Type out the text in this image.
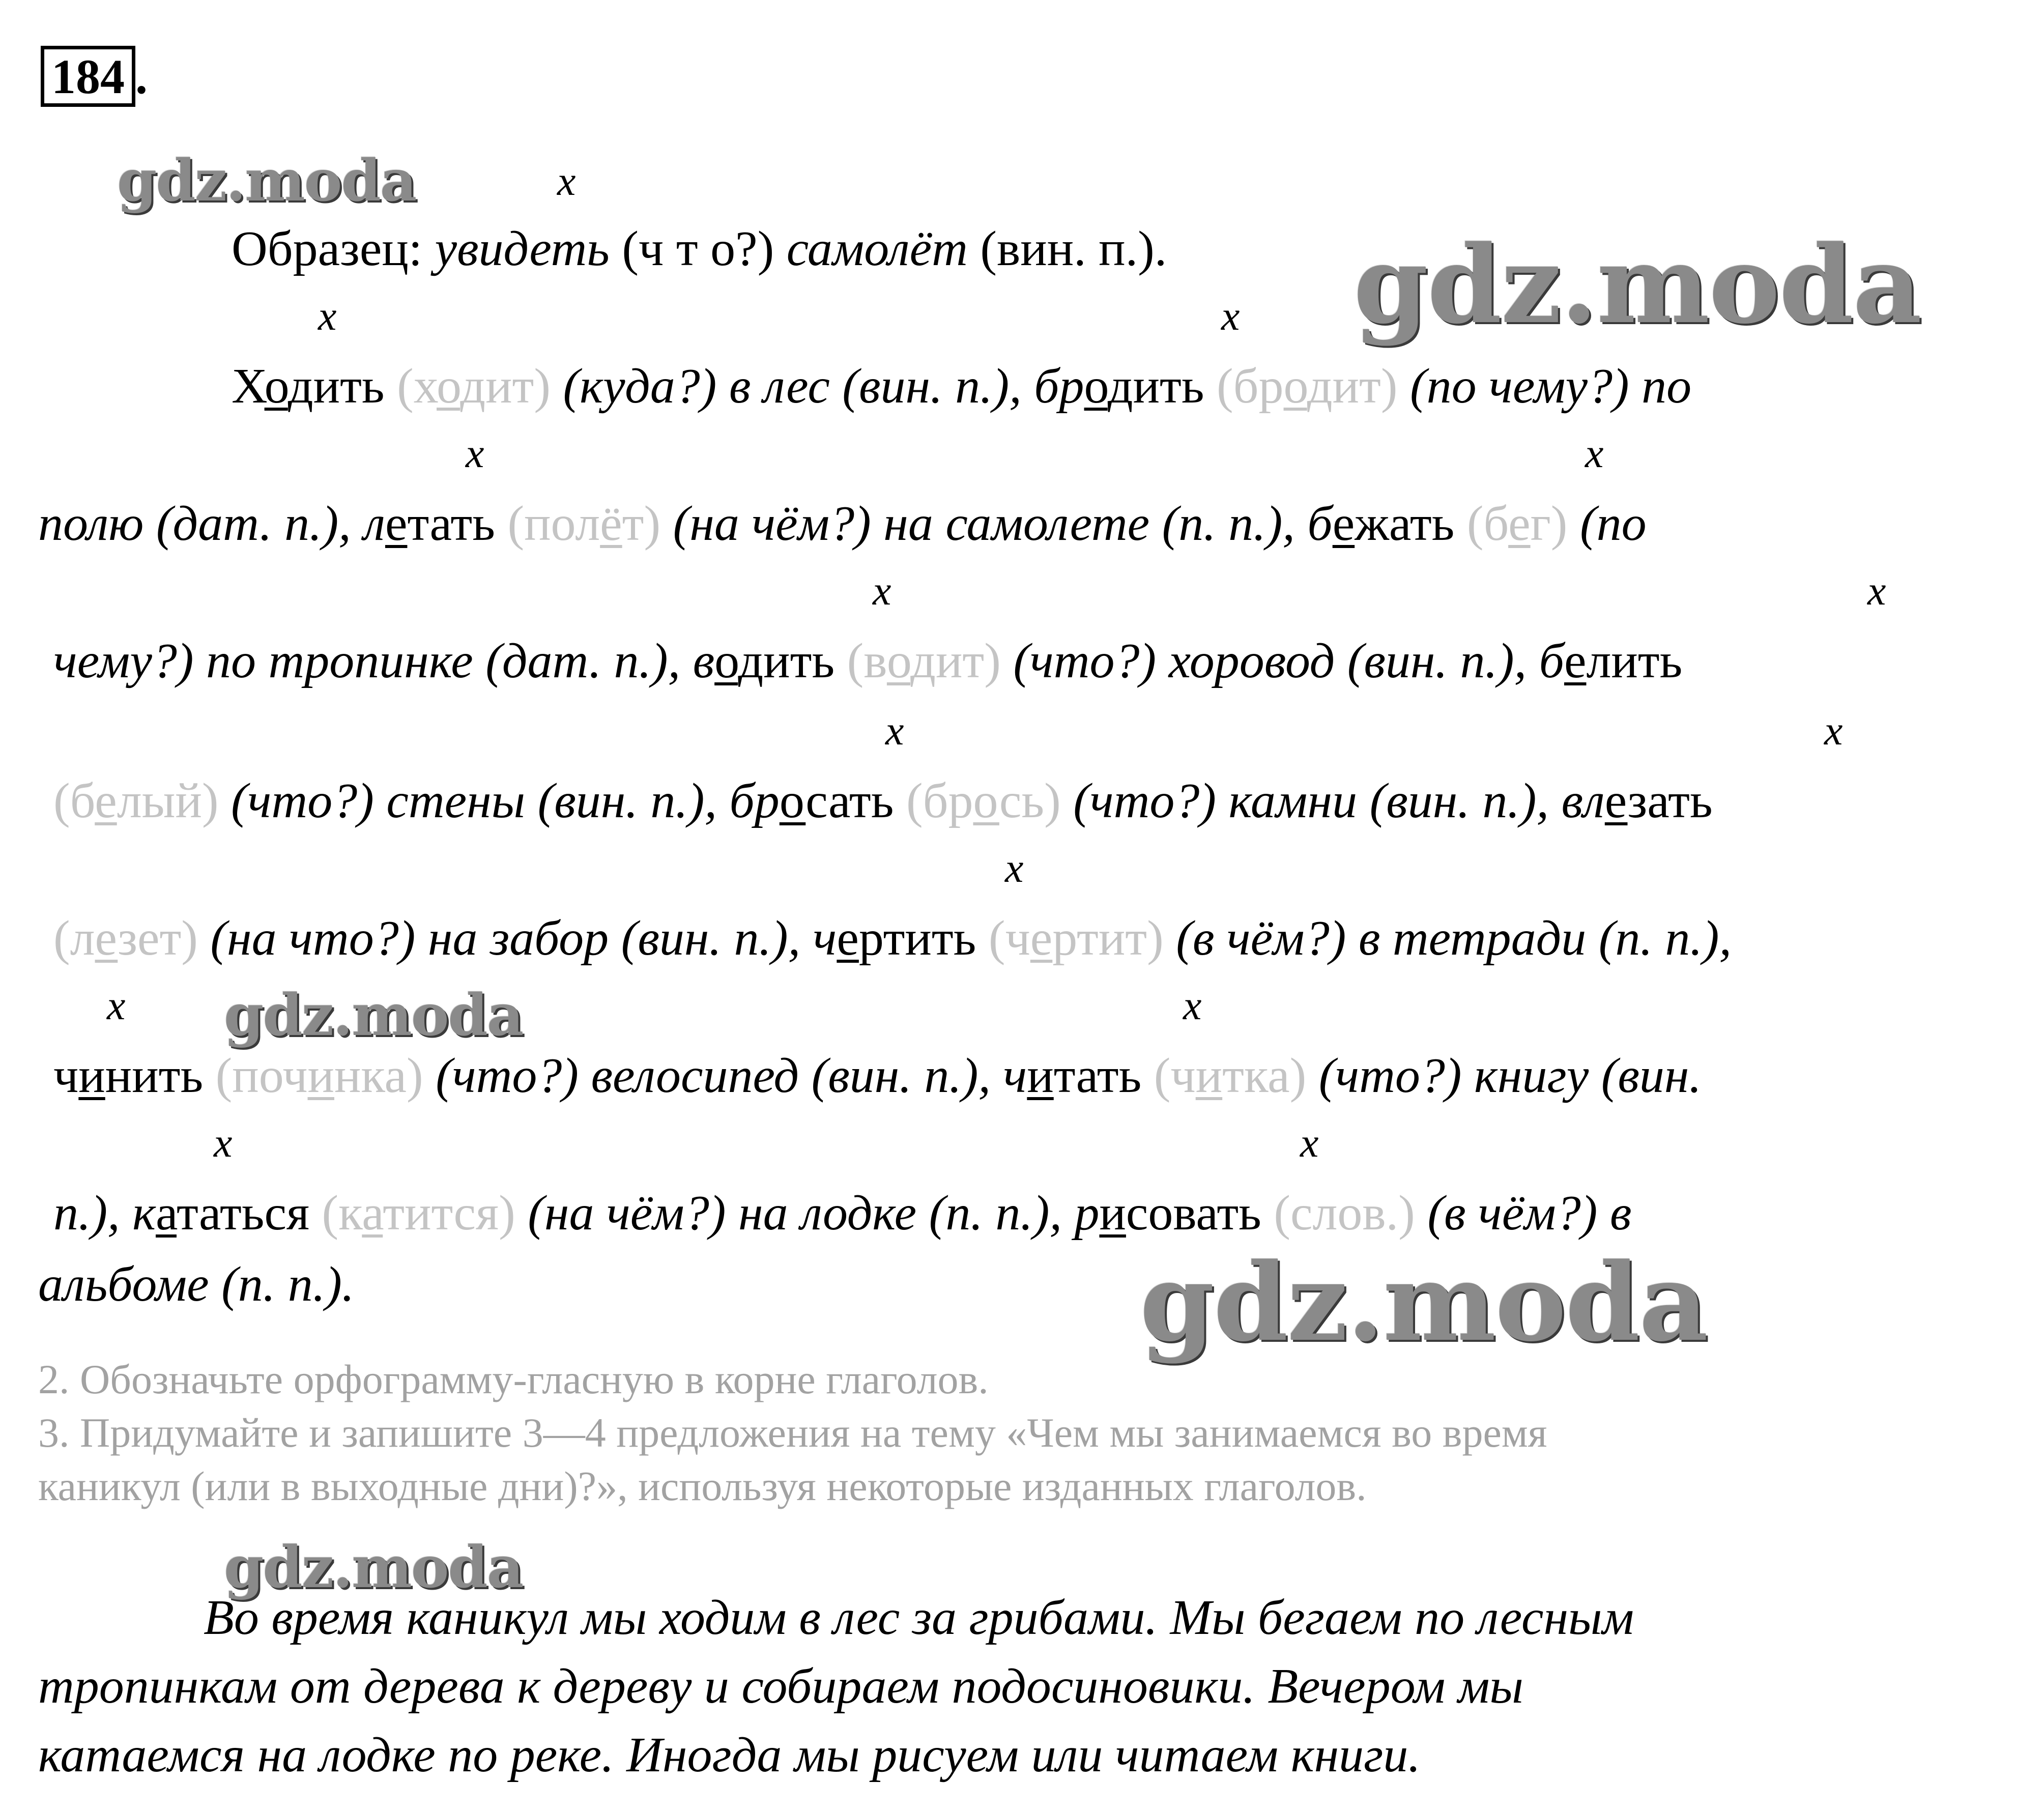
184 .
gdz.moda
gdz.moda
gdz.moda
gdz.moda
gdz.moda
x
x	x
x	x
x	x
x	x
x
x	x
x	x
Образец: увидеть (ч т о?) самолёт (вин. п.).
Ходить (ходит) (куда?) в лес (вин. п.), бродить (бродит) (по чему?) по
полю (дат. п.), летать (полёт) (на чём?) на самолете (п. п.), бежать (бег) (по
чему?) по тропинке (дат. п.), водить (водит) (что?) хоровод (вин. п.), белить
(белый) (что?) стены (вин. п.), бросать (брось) (что?) камни (вин. п.), влезать
(лезет) (на что?) на забор (вин. п.), чертить (чертит) (в чём?) в тетради (п. п.),
чинить (починка) (что?) велосипед (вин. п.), читать (читка) (что?) книгу (вин.
п.), кататься (катится) (на чём?) на лодке (п. п.), рисовать (слов.) (в чём?) в
альбоме (п. п.).
2. Обозначьте орфограмму-гласную в корне глаголов.
3. Придумайте и запишите 3—4 предложения на тему «Чем мы занимаемся во время
каникул (или в выходные дни)?», используя некоторые изданных глаголов.
Во время каникул мы ходим в лес за грибами. Мы бегаем по лесным
тропинкам от дерева к дереву и собираем подосиновики. Вечером мы
катаемся на лодке по реке. Иногда мы рисуем или читаем книги.
